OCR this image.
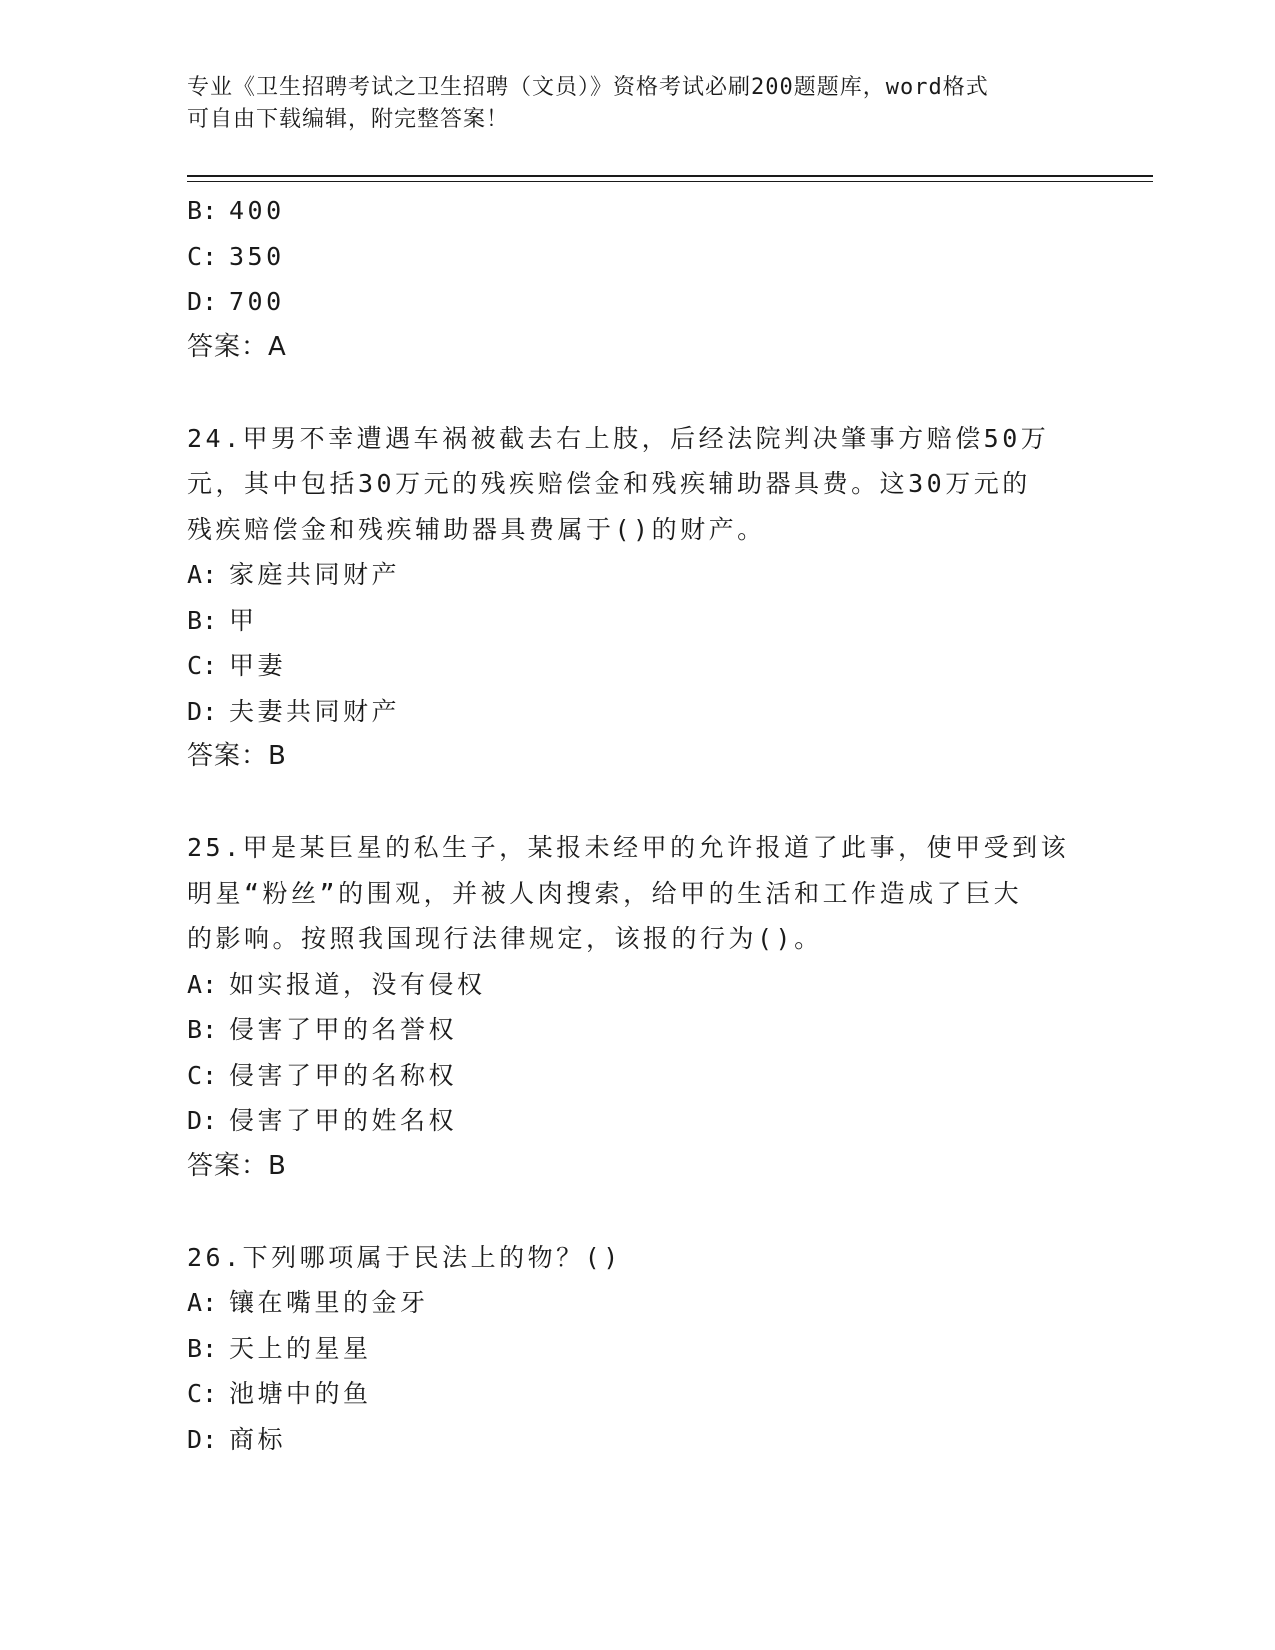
专业《卫生招聘考试之卫生招聘（文员）》资格考试必刷200题题库，word格式
可自由下载编辑，附完整答案！
B: 400
C: 350
D: 700
答案：A
24.甲男不幸遭遇车祸被截去右上肢，后经法院判决肇事方赔偿50万
元，其中包括30万元的残疾赔偿金和残疾辅助器具费。这30万元的
残疾赔偿金和残疾辅助器具费属于()的财产。
A: 家庭共同财产
B: 甲
C: 甲妻
D: 夫妻共同财产
答案：B
25.甲是某巨星的私生子，某报未经甲的允许报道了此事，使甲受到该
明星“粉丝”的围观，并被人肉搜索，给甲的生活和工作造成了巨大
的影响。按照我国现行法律规定，该报的行为()。
A: 如实报道，没有侵权
B: 侵害了甲的名誉权
C: 侵害了甲的名称权
D: 侵害了甲的姓名权
答案：B
26.下列哪项属于民法上的物？()
A: 镶在嘴里的金牙
B: 天上的星星
C: 池塘中的鱼
D: 商标
